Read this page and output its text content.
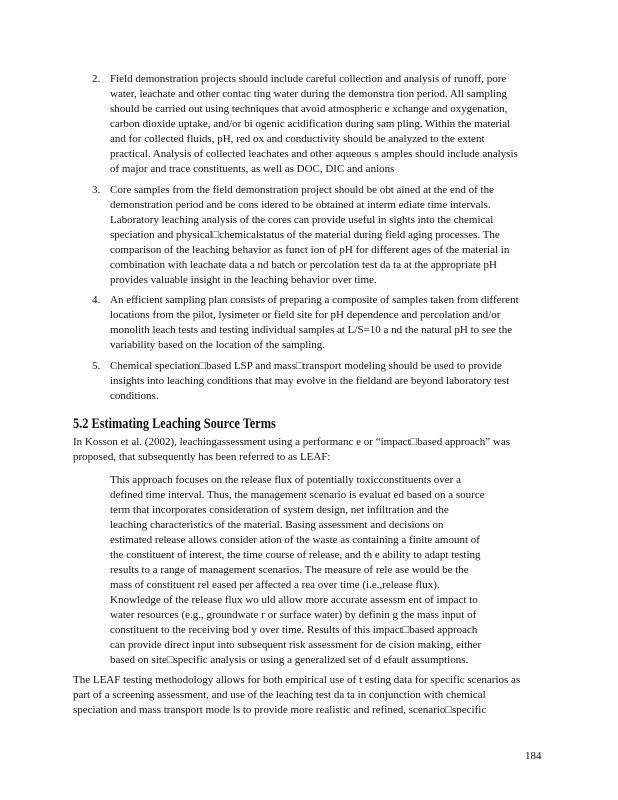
2. Field demonstration projects should include careful collection and analysis of runoff, pore
water, leachate and other contac ting water during the demonstra tion period. All sampling
should be carried out using techniques that avoid atmospheric e xchange and oxygenation,
carbon dioxide uptake, and/or bi ogenic acidification during sam pling. Within the material
and for collected fluids, pH, red ox and conductivity should be analyzed to the extent
practical. Analysis of collected leachates and other aqueous s amples should include analysis
of major and trace constituents, as well as DOC, DIC and anions
3. Core samples from the field demonstration project should be obt ained at the end of the
demonstration period and be cons idered to be obtained at interm ediate time intervals.
Laboratory leaching analysis of the cores can provide useful in sights into the chemical
speciation and physical□chemicalstatus of the material during field aging processes. The
comparison of the leaching behavior as funct ion of pH for different ages of the material in
combination with leachate data a nd batch or percolation test da ta at the appropriate pH
provides valuable insight in the leaching behavior over time.
4. An efficient sampling plan consists of preparing a composite of samples taken from different
locations from the pilot, lysimeter or field site for pH dependence and percolation and/or
monolith leach tests and testing individual samples at L/S=10 a nd the natural pH to see the
variability based on the location of the sampling.
5. Chemical speciation□based LSP and mass□transport modeling should be used to provide
insights into leaching conditions that may evolve in the fieldand are beyond laboratory test
conditions.
In Kosson et al. (2002), leachingassessment using a performanc e or “impact□based approach” was
proposed, that subsequently has been referred to as LEAF:
This approach focuses on the release flux of potentially toxicconstituents over a
defined time interval. Thus, the management scenario is evaluat ed based on a source
term that incorporates consideration of system design, net infiltration and the
leaching characteristics of the material. Basing assessment and decisions on
estimated release allows consider ation of the waste as containing a finite amount of
the constituent of interest, the time course of release, and th e ability to adapt testing
results to a range of management scenarios. The measure of rele ase would be the
mass of constituent rel eased per affected a rea over time (i.e.,release flux).
Knowledge of the release flux wo uld allow more accurate assessm ent of impact to
water resources (e.g., groundwate r or surface water) by definin g the mass input of
constituent to the receiving bod y over time. Results of this impact□based approach
can provide direct input into subsequent risk assessment for de cision making, either
based on site□specific analysis or using a generalized set of d efault assumptions.
The LEAF testing methodology allows for both empirical use of t esting data for specific scenarios as
part of a screening assessment, and use of the leaching test da ta in conjunction with chemical
speciation and mass transport mode ls to provide more realistic and refined, scenario□specific
5.2 Estimating Leaching Source Terms
184
